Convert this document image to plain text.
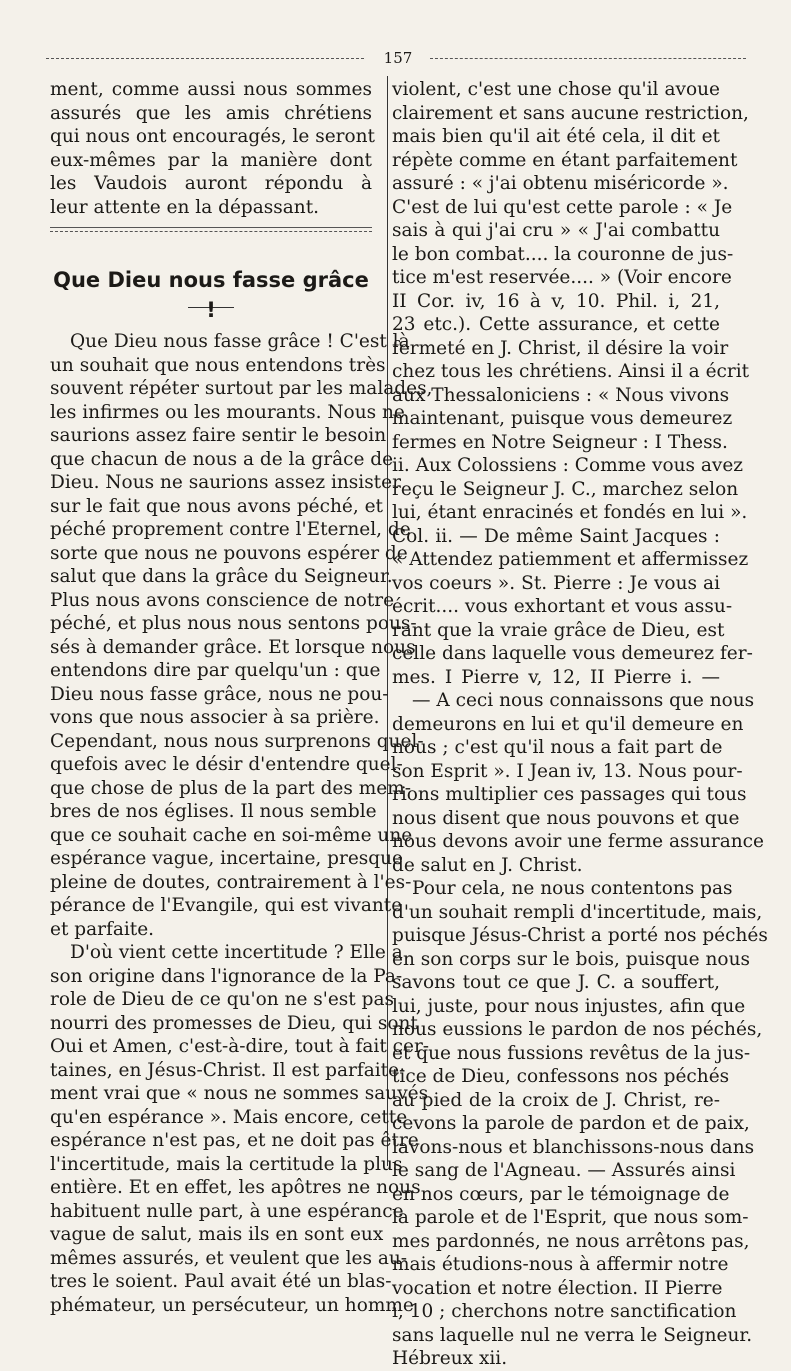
157
ment, comme aussi nous sommes
assurés que les amis chrétiens
qui nous ont encouragés, le seront
eux-mêmes par la manière dont
les Vaudois auront répondu à
leur attente en la dépassant.
Que Dieu nous fasse grâce !
Que Dieu nous fasse grâce ! C'est là
un souhait que nous entendons très
souvent répéter surtout par les malades,
les infirmes ou les mourants. Nous ne
saurions assez faire sentir le besoin
que chacun de nous a de la grâce de
Dieu. Nous ne saurions assez insister
sur le fait que nous avons péché, et
péché proprement contre l'Eternel, de
sorte que nous ne pouvons espérer de
salut que dans la grâce du Seigneur.
Plus nous avons conscience de notre
péché, et plus nous nous sentons pous-
sés à demander grâce. Et lorsque nous
entendons dire par quelqu'un : que
Dieu nous fasse grâce, nous ne pou-
vons que nous associer à sa prière.
Cependant, nous nous surprenons quel-
quefois avec le désir d'entendre quel-
que chose de plus de la part des mem-
bres de nos églises. Il nous semble
que ce souhait cache en soi-même une
espérance vague, incertaine, presque
pleine de doutes, contrairement à l'es-
pérance de l'Evangile, qui est vivante
et parfaite.
D'où vient cette incertitude ? Elle a
son origine dans l'ignorance de la Pa-
role de Dieu de ce qu'on ne s'est pas
nourri des promesses de Dieu, qui sont
Oui et Amen, c'est-à-dire, tout à fait cer-
taines, en Jésus-Christ. Il est parfaite-
ment vrai que « nous ne sommes sauvés
qu'en espérance ». Mais encore, cette
espérance n'est pas, et ne doit pas être
l'incertitude, mais la certitude la plus
entière. Et en effet, les apôtres ne nous
habituent nulle part, à une espérance
vague de salut, mais ils en sont eux
mêmes assurés, et veulent que les au-
tres le soient. Paul avait été un blas-
phémateur, un persécuteur, un homme
violent, c'est une chose qu'il avoue
clairement et sans aucune restriction,
mais bien qu'il ait été cela, il dit et
répète comme en étant parfaitement
assuré : « j'ai obtenu miséricorde ».
C'est de lui qu'est cette parole : « Je
sais à qui j'ai cru » « J'ai combattu
le bon combat.... la couronne de jus-
tice m'est reservée.... » (Voir encore
II Cor. iv, 16 à v, 10. Phil. i, 21,
23 etc.). Cette assurance, et cette
fermeté en J. Christ, il désire la voir
chez tous les chrétiens. Ainsi il a écrit
aux Thessaloniciens : « Nous vivons
maintenant, puisque vous demeurez
fermes en Notre Seigneur : I Thess.
ii. Aux Colossiens : Comme vous avez
reçu le Seigneur J. C., marchez selon
lui, étant enracinés et fondés en lui ».
Col. ii. — De même Saint Jacques :
« Attendez patiemment et affermissez
vos coeurs ». St. Pierre : Je vous ai
écrit.... vous exhortant et vous assu-
rant que la vraie grâce de Dieu, est
celle dans laquelle vous demeurez fer-
mes. I Pierre v, 12, II Pierre i. —
— A ceci nous connaissons que nous
demeurons en lui et qu'il demeure en
nous ; c'est qu'il nous a fait part de
son Esprit ». I Jean iv, 13. Nous pour-
rions multiplier ces passages qui tous
nous disent que nous pouvons et que
nous devons avoir une ferme assurance
de salut en J. Christ.
Pour cela, ne nous contentons pas
d'un souhait rempli d'incertitude, mais,
puisque Jésus-Christ a porté nos péchés
en son corps sur le bois, puisque nous
savons tout ce que J. C. a souffert,
lui, juste, pour nous injustes, afin que
nous eussions le pardon de nos péchés,
et que nous fussions revêtus de la jus-
tice de Dieu, confessons nos péchés
au pied de la croix de J. Christ, re-
cevons la parole de pardon et de paix,
lavons-nous et blanchissons-nous dans
le sang de l'Agneau. — Assurés ainsi
en nos cœurs, par le témoignage de
la parole et de l'Esprit, que nous som-
mes pardonnés, ne nous arrêtons pas,
mais étudions-nous à affermir notre
vocation et notre élection. II Pierre
i, 10 ; cherchons notre sanctification
sans laquelle nul ne verra le Seigneur.
Hébreux xii.
